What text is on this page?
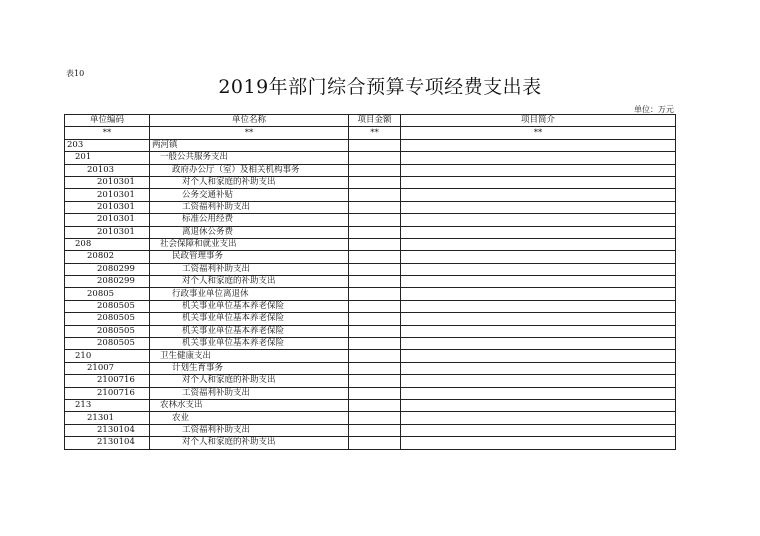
表10
2019年部门综合预算专项经费支出表
单位：万元
单位编码	单位名称	项目金额	项目简介
**	**	**	**
203	两河镇		
201	一般公共服务支出		
20103	政府办公厅（室）及相关机构事务		
2010301	对个人和家庭的补助支出		
2010301	公务交通补贴		
2010301	工资福利补助支出		
2010301	标准公用经费		
2010301	离退休公务费		
208	社会保障和就业支出		
20802	民政管理事务		
2080299	工资福利补助支出		
2080299	对个人和家庭的补助支出		
20805	行政事业单位离退休		
2080505	机关事业单位基本养老保险		
2080505	机关事业单位基本养老保险		
2080505	机关事业单位基本养老保险		
2080505	机关事业单位基本养老保险		
210	卫生健康支出		
21007	计划生育事务		
2100716	对个人和家庭的补助支出		
2100716	工资福利补助支出		
213	农林水支出		
21301	农业		
2130104	工资福利补助支出		
2130104	对个人和家庭的补助支出		
